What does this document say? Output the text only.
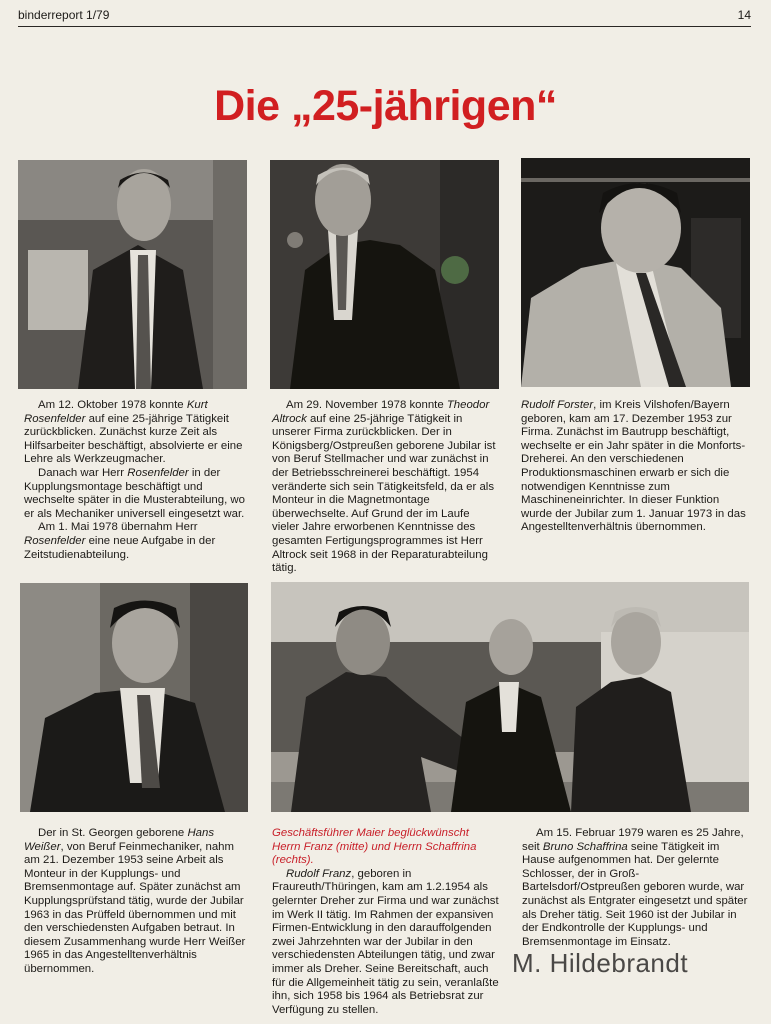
binderreport 1/79	14
Die „25-jährigen“

Am 12. Oktober 1978 konnte Kurt Rosenfelder auf eine 25-jährige Tätigkeit zurückblicken. Zunächst kurze Zeit als Hilfsarbeiter beschäftigt, absolvierte er eine Lehre als Werkzeugmacher.

Danach war Herr Rosenfelder in der Kupplungsmontage beschäftigt und wechselte später in die Musterabteilung, wo er als Mechaniker universell eingesetzt war.

Am 1. Mai 1978 übernahm Herr Rosenfelder eine neue Aufgabe in der Zeitstudienabteilung.

Am 29. November 1978 konnte Theodor Altrock auf eine 25-jährige Tätigkeit in unserer Firma zurückblicken. Der in Königsberg/Ostpreußen geborene Jubilar ist von Beruf Stellmacher und war zunächst in der Betriebsschreinerei beschäftigt. 1954 veränderte sich sein Tätigkeitsfeld, da er als Monteur in die Magnetmontage überwechselte. Auf Grund der im Laufe vieler Jahre erworbenen Kenntnisse des gesamten Fertigungsprogrammes ist Herr Altrock seit 1968 in der Reparaturabteilung tätig.

Rudolf Forster, im Kreis Vilshofen/Bayern geboren, kam am 17. Dezember 1953 zur Firma. Zunächst im Bautrupp beschäftigt, wechselte er ein Jahr später in die Monforts-Dreherei. An den verschiedenen Produktionsmaschinen erwarb er sich die notwendigen Kenntnisse zum Maschineneinrichter. In dieser Funktion wurde der Jubilar zum 1. Januar 1973 in das Angestelltenverhältnis übernommen.

Der in St. Georgen geborene Hans Weißer, von Beruf Feinmechaniker, nahm am 21. Dezember 1953 seine Arbeit als Monteur in der Kupplungs- und Bremsenmontage auf. Später zunächst am Kupplungsprüfstand tätig, wurde der Jubilar 1963 in das Prüffeld übernommen und mit den verschiedensten Aufgaben betraut. In diesem Zusammenhang wurde Herr Weißer 1965 in das Angestelltenverhältnis übernommen.

Geschäftsführer Maier beglückwünscht Herrn Franz (mitte) und Herrn Schaffrina (rechts).

Rudolf Franz, geboren in Fraureuth/Thüringen, kam am 1.2.1954 als gelernter Dreher zur Firma und war zunächst im Werk II tätig. Im Rahmen der expansiven Firmen-Entwicklung in den darauffolgenden zwei Jahrzehnten war der Jubilar in den verschiedensten Abteilungen tätig, und zwar immer als Dreher. Seine Bereitschaft, auch für die Allgemeinheit tätig zu sein, veranlaßte ihn, sich 1958 bis 1964 als Betriebsrat zur Verfügung zu stellen.

Am 15. Februar 1979 waren es 25 Jahre, seit Bruno Schaffrina seine Tätigkeit im Hause aufgenommen hat. Der gelernte Schlosser, der in Groß-Bartelsdorf/Ostpreußen geboren wurde, war zunächst als Entgrater eingesetzt und später als Dreher tätig. Seit 1960 ist der Jubilar in der Endkontrolle der Kupplungs- und Bremsenmontage im Einsatz.

M. Hildebrandt
